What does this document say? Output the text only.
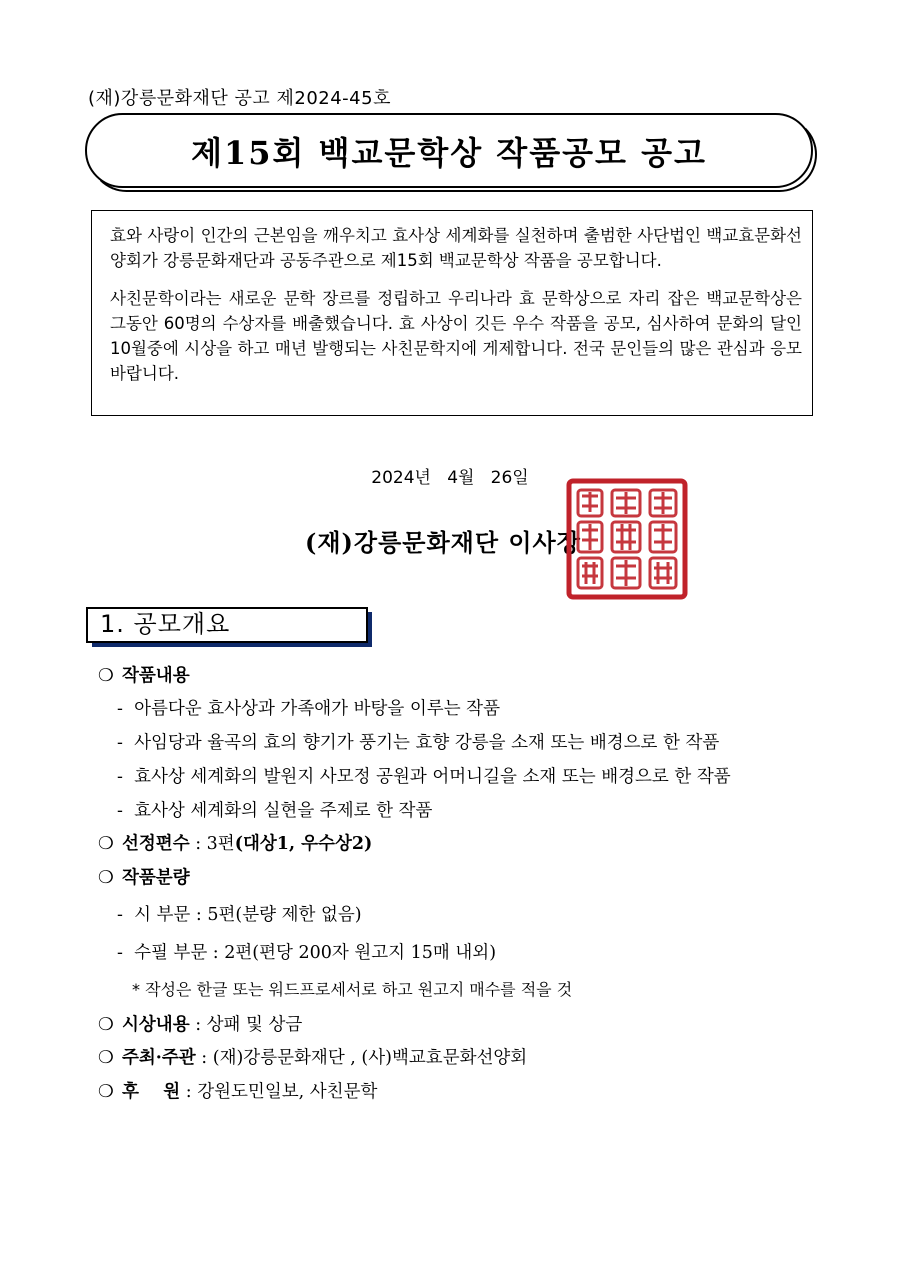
(재)강릉문화재단 공고 제2024-45호
제15회 백교문학상 작품공모 공고

효와 사랑이 인간의 근본임을 깨우치고 효사상 세계화를 실천하며 출범한 사단법인 백교효문화선양회가 강릉문화재단과 공동주관으로 제15회 백교문학상 작품을 공모합니다.

사친문학이라는 새로운 문학 장르를 정립하고 우리나라 효 문학상으로 자리 잡은 백교문학상은 그동안 60명의 수상자를 배출했습니다. 효 사상이 깃든 우수 작품을 공모, 심사하여 문화의 달인 10월중에 시상을 하고 매년 발행되는 사친문학지에 게제합니다. 전국 문인들의 많은 관심과 응모 바랍니다.

2024년   4월   26일
(재)강릉문화재단 이사장
1. 공모개요
❍ 작품내용
- 아름다운 효사상과 가족애가 바탕을 이루는 작품
- 사임당과 율곡의 효의 향기가 풍기는 효향 강릉을 소재 또는 배경으로 한 작품
- 효사상 세계화의 발원지 사모정 공원과 어머니길을 소재 또는 배경으로 한 작품
- 효사상 세계화의 실현을 주제로 한 작품
❍ 선정편수 : 3편(대상1, 우수상2)
❍ 작품분량
- 시 부문 : 5편(분량 제한 없음)
- 수필 부문 : 2편(편당 200자 원고지 15매 내외)
* 작성은 한글 또는 워드프로세서로 하고 원고지 매수를 적을 것
❍ 시상내용 : 상패 및 상금
❍ 주최·주관 : (재)강릉문화재단 , (사)백교효문화선양회
❍ 후    원 : 강원도민일보, 사친문학
